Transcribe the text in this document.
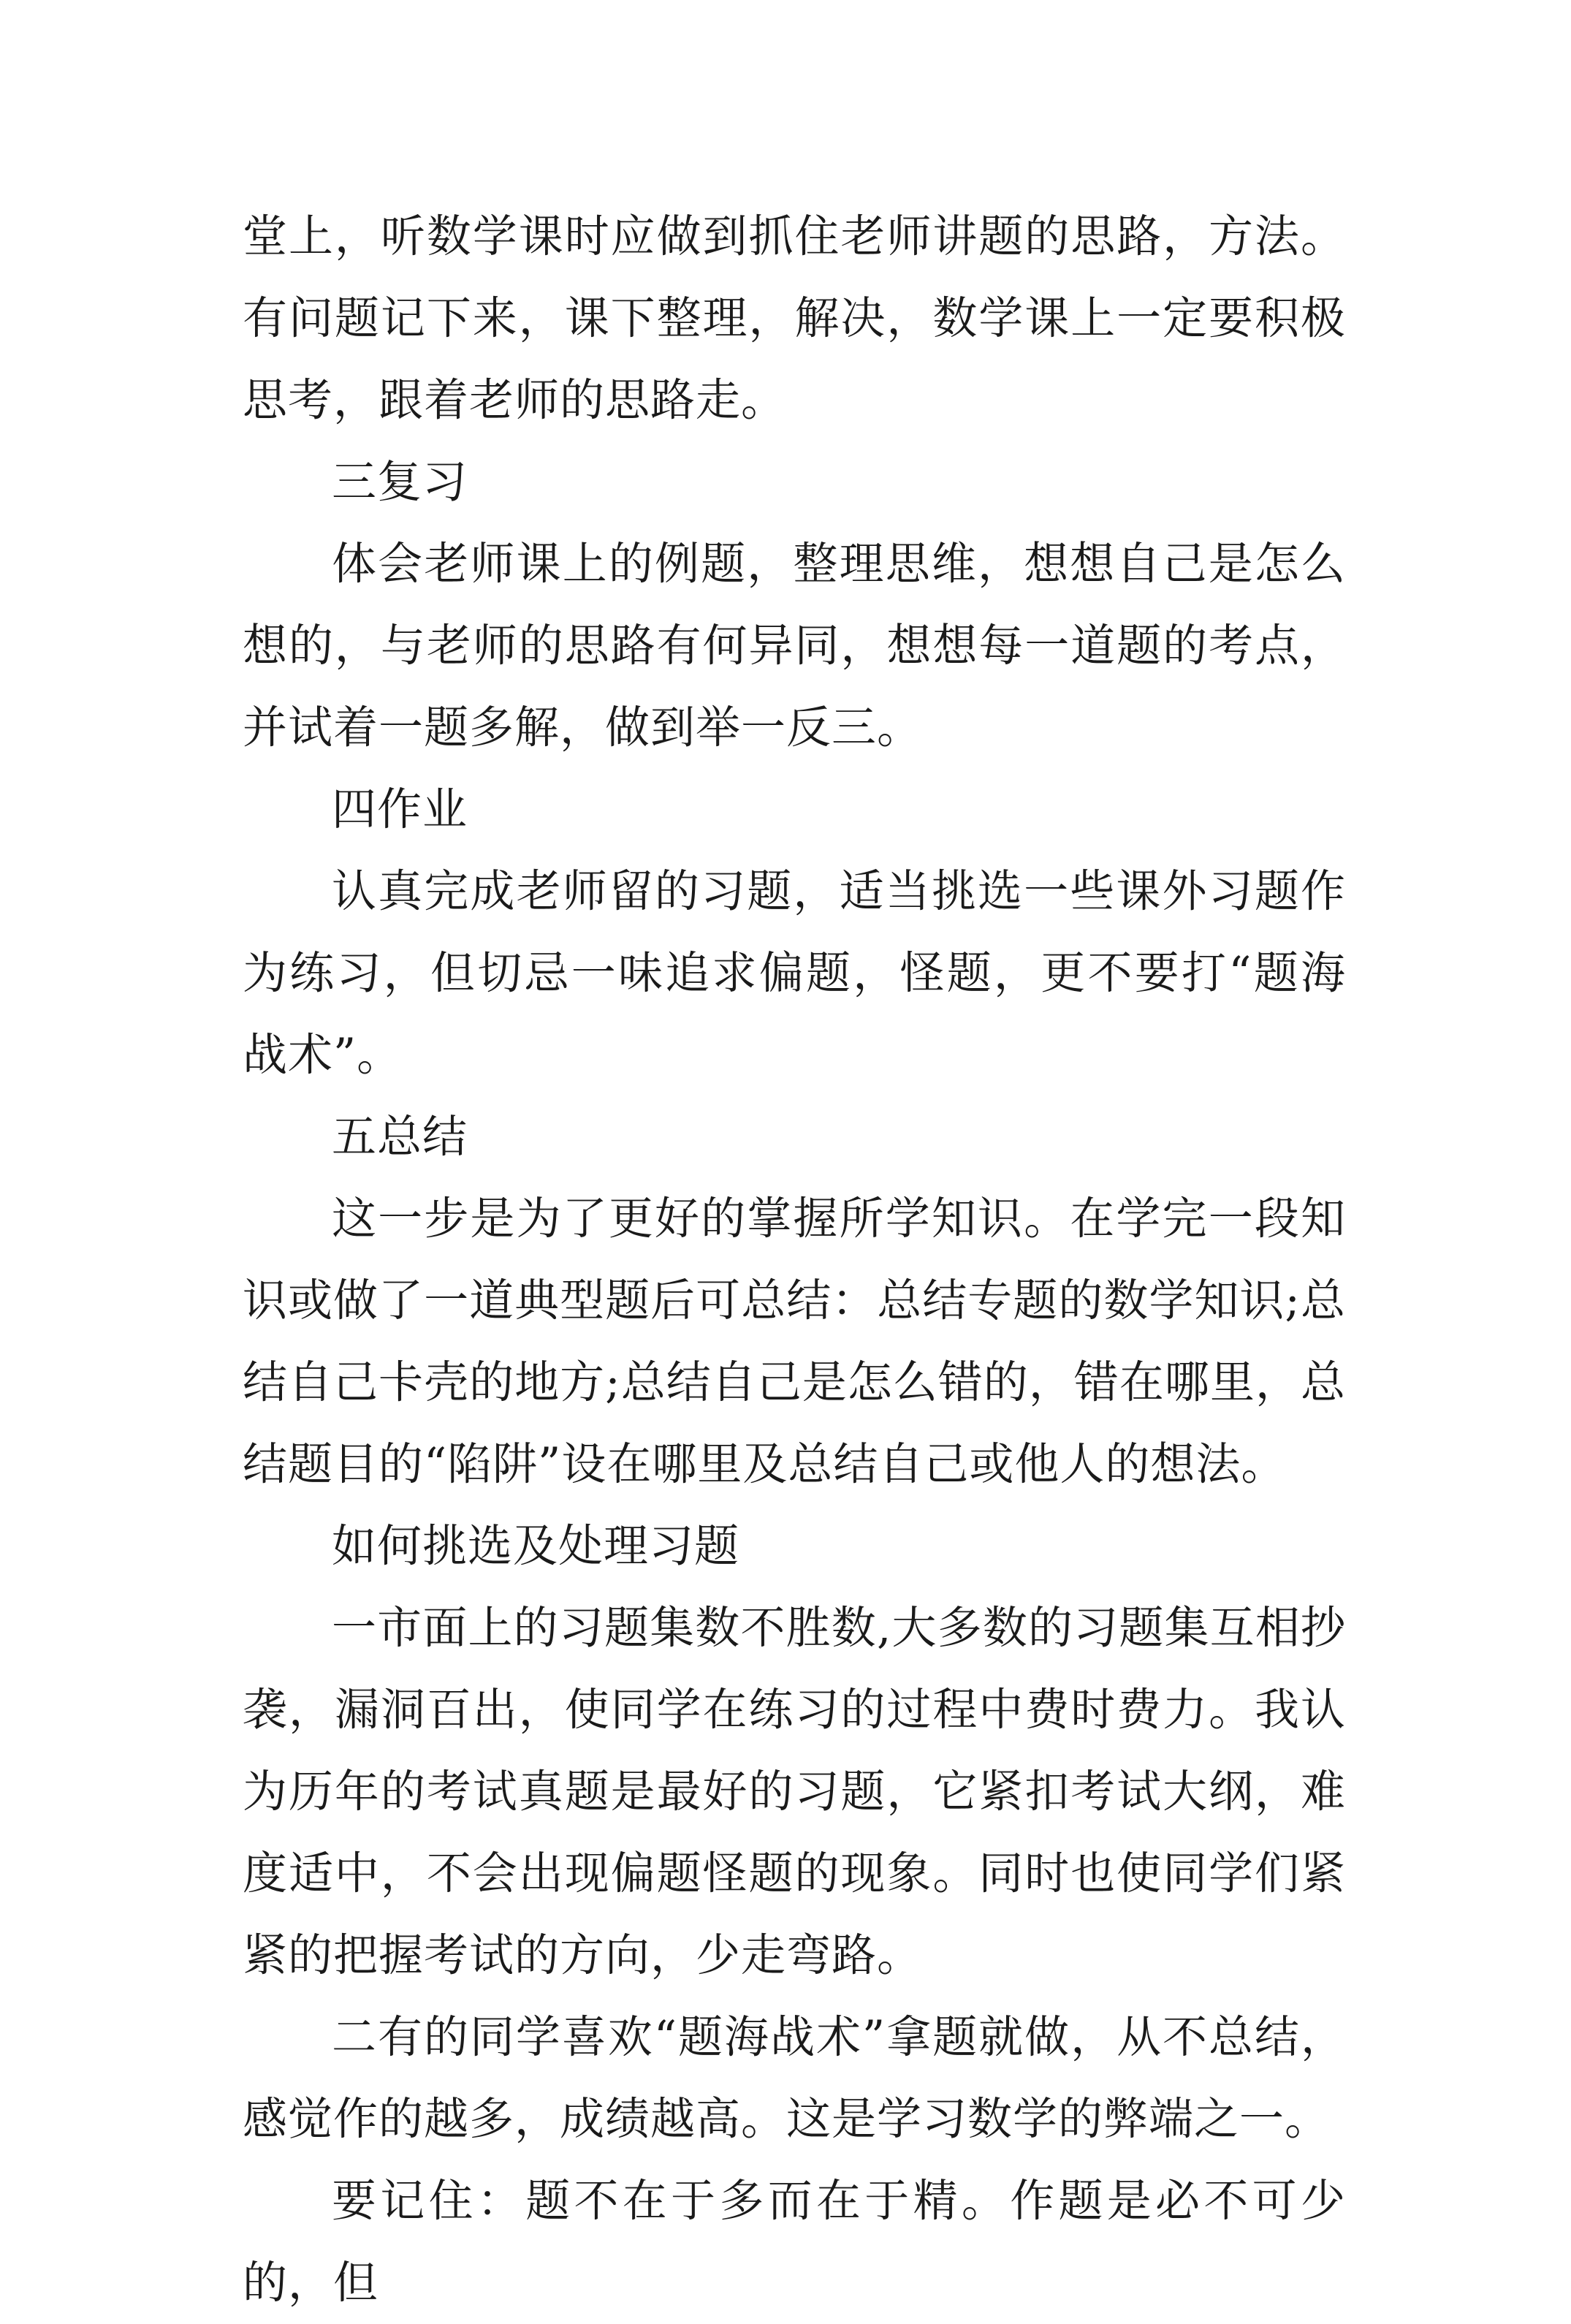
堂上，听数学课时应做到抓住老师讲题的思路，方法。有问题记下来，课下整理，解决，数学课上一定要积极思考，跟着老师的思路走。

三复习

体会老师课上的例题，整理思维，想想自己是怎么想的，与老师的思路有何异同，想想每一道题的考点，并试着一题多解，做到举一反三。

四作业

认真完成老师留的习题，适当挑选一些课外习题作为练习，但切忌一味追求偏题，怪题，更不要打“题海战术”。

五总结

这一步是为了更好的掌握所学知识。在学完一段知识或做了一道典型题后可总结：总结专题的数学知识;总结自己卡壳的地方;总结自己是怎么错的，错在哪里，总结题目的“陷阱”设在哪里及总结自己或他人的想法。

如何挑选及处理习题

一市面上的习题集数不胜数,大多数的习题集互相抄袭，漏洞百出，使同学在练习的过程中费时费力。我认为历年的考试真题是最好的习题，它紧扣考试大纲，难度适中，不会出现偏题怪题的现象。同时也使同学们紧紧的把握考试的方向，少走弯路。

二有的同学喜欢“题海战术”拿题就做，从不总结，感觉作的越多，成绩越高。这是学习数学的弊端之一。

要记住：题不在于多而在于精。作题是必不可少的，但
